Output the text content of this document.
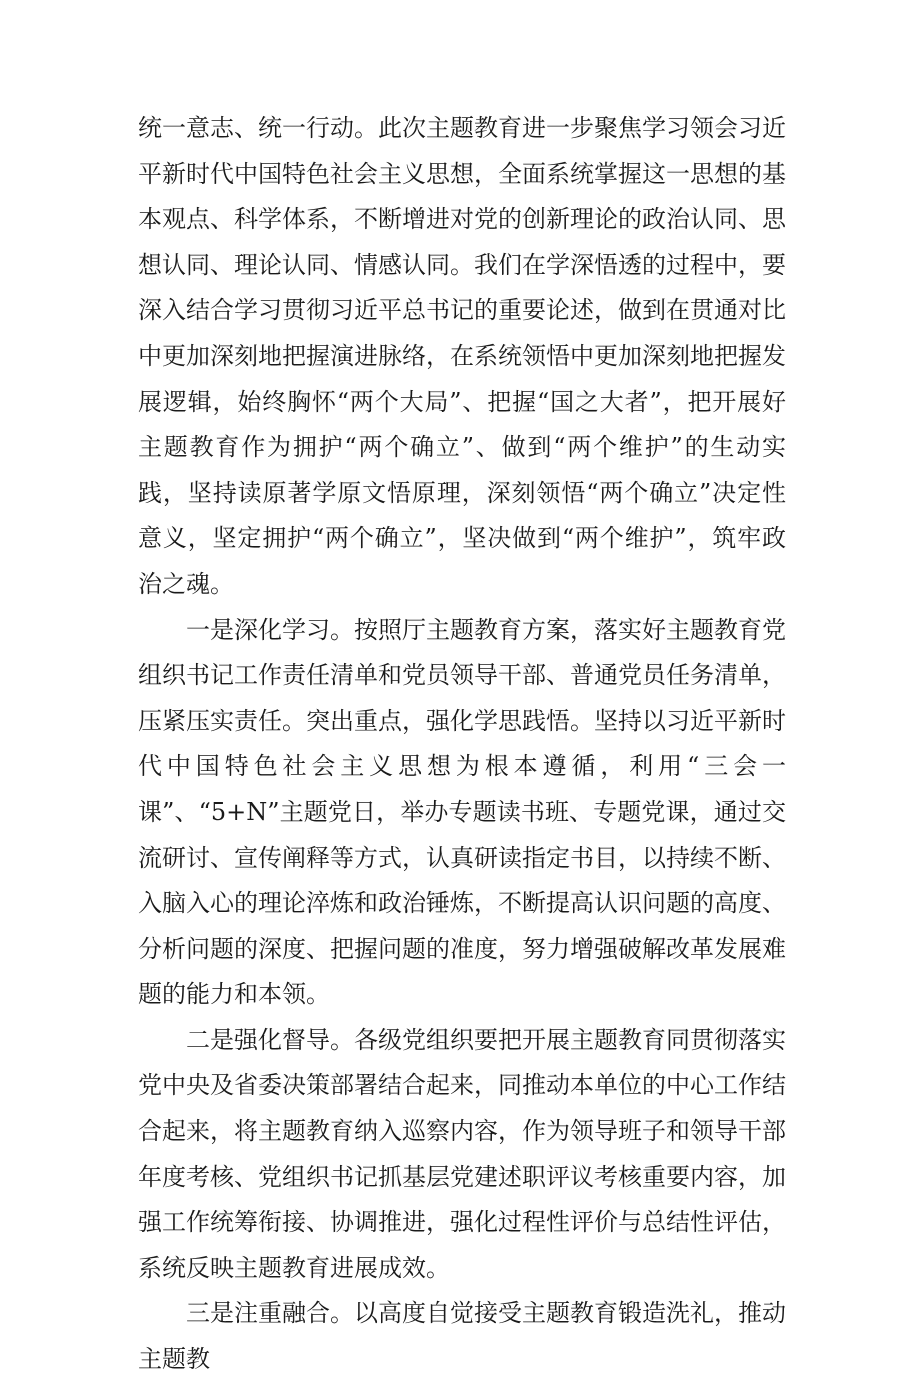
统一意志、统一行动。此次主题教育进一步聚焦学习领会习近平新时代中国特色社会主义思想，全面系统掌握这一思想的基本观点、科学体系，不断增进对党的创新理论的政治认同、思想认同、理论认同、情感认同。我们在学深悟透的过程中，要深入结合学习贯彻习近平总书记的重要论述，做到在贯通对比中更加深刻地把握演进脉络，在系统领悟中更加深刻地把握发展逻辑，始终胸怀“两个大局”、把握“国之大者”，把开展好主题教育作为拥护“两个确立”、做到“两个维护”的生动实践，坚持读原著学原文悟原理，深刻领悟“两个确立”决定性意义，坚定拥护“两个确立”，坚决做到“两个维护”，筑牢政治之魂。

一是深化学习。按照厅主题教育方案，落实好主题教育党组织书记工作责任清单和党员领导干部、普通党员任务清单，压紧压实责任。突出重点，强化学思践悟。坚持以习近平新时代中国特色社会主义思想为根本遵循，利用“三会一课”、“5+N”主题党日，举办专题读书班、专题党课，通过交流研讨、宣传阐释等方式，认真研读指定书目，以持续不断、入脑入心的理论淬炼和政治锤炼，不断提高认识问题的高度、分析问题的深度、把握问题的准度，努力增强破解改革发展难题的能力和本领。

二是强化督导。各级党组织要把开展主题教育同贯彻落实党中央及省委决策部署结合起来，同推动本单位的中心工作结合起来，将主题教育纳入巡察内容，作为领导班子和领导干部年度考核、党组织书记抓基层党建述职评议考核重要内容，加强工作统筹衔接、协调推进，强化过程性评价与总结性评估，系统反映主题教育进展成效。

三是注重融合。以高度自觉接受主题教育锻造洗礼，推动主题教
